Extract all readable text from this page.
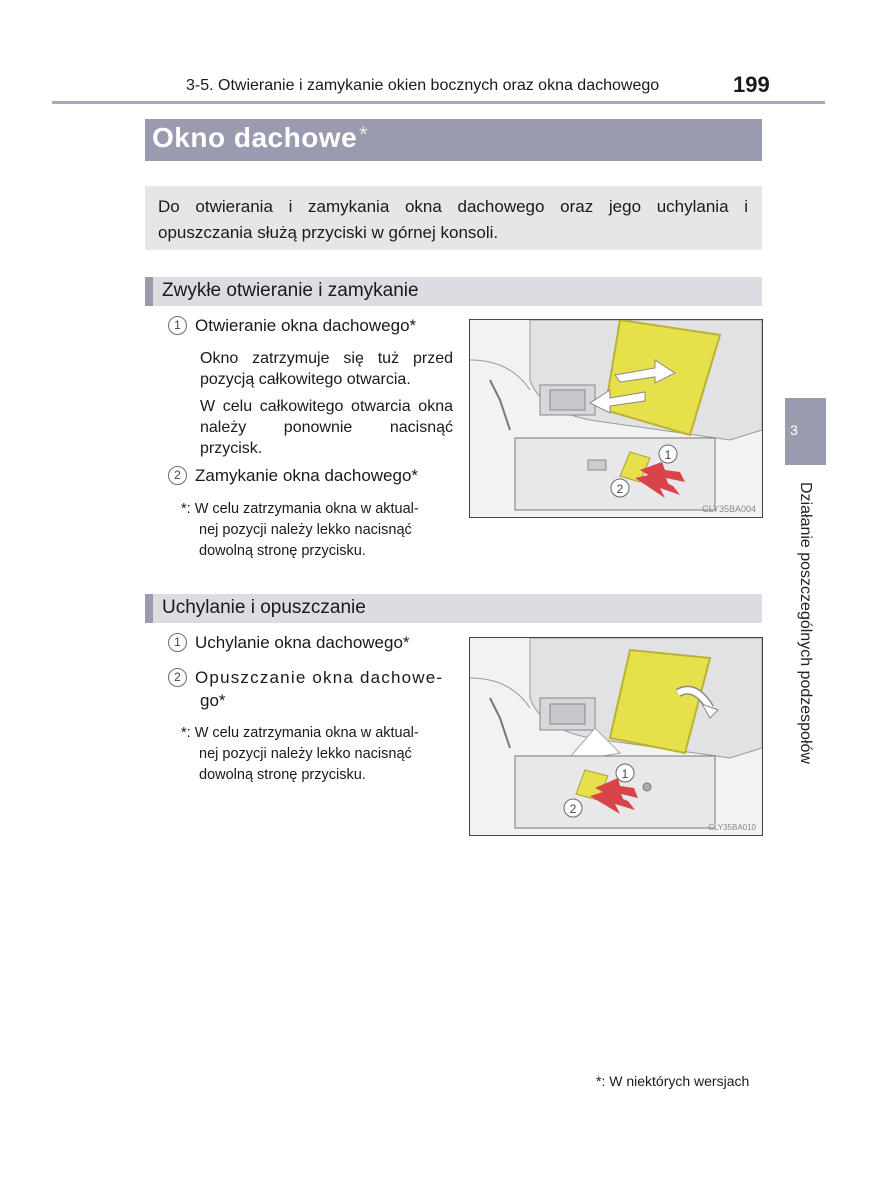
3-5. Otwieranie i zamykanie okien bocznych oraz okna dachowego	199
Okno dachowe*
Do otwierania i zamykania okna dachowego oraz jego uchylania i opuszczania służą przyciski w górnej konsoli.
Zwykłe otwieranie i zamykanie
1 Otwieranie okna dachowego*
Okno zatrzymuje się tuż przed pozycją całkowitego otwarcia.
W celu całkowitego otwarcia okna należy ponownie nacisnąć przycisk.
2 Zamykanie okna dachowego*
*: W celu zatrzymania okna w aktual-
nej pozycji należy lekko nacisnąć
dowolną stronę przycisku.
1
2
CLY35BA004
Uchylanie i opuszczanie
1 Uchylanie okna dachowego*
2 Opuszczanie okna dachowe-
go*
*: W celu zatrzymania okna w aktual-
nej pozycji należy lekko nacisnąć
dowolną stronę przycisku.	1
2
CLY35BA010
3
Działanie poszczególnych podzespołów
*: W niektórych wersjach
